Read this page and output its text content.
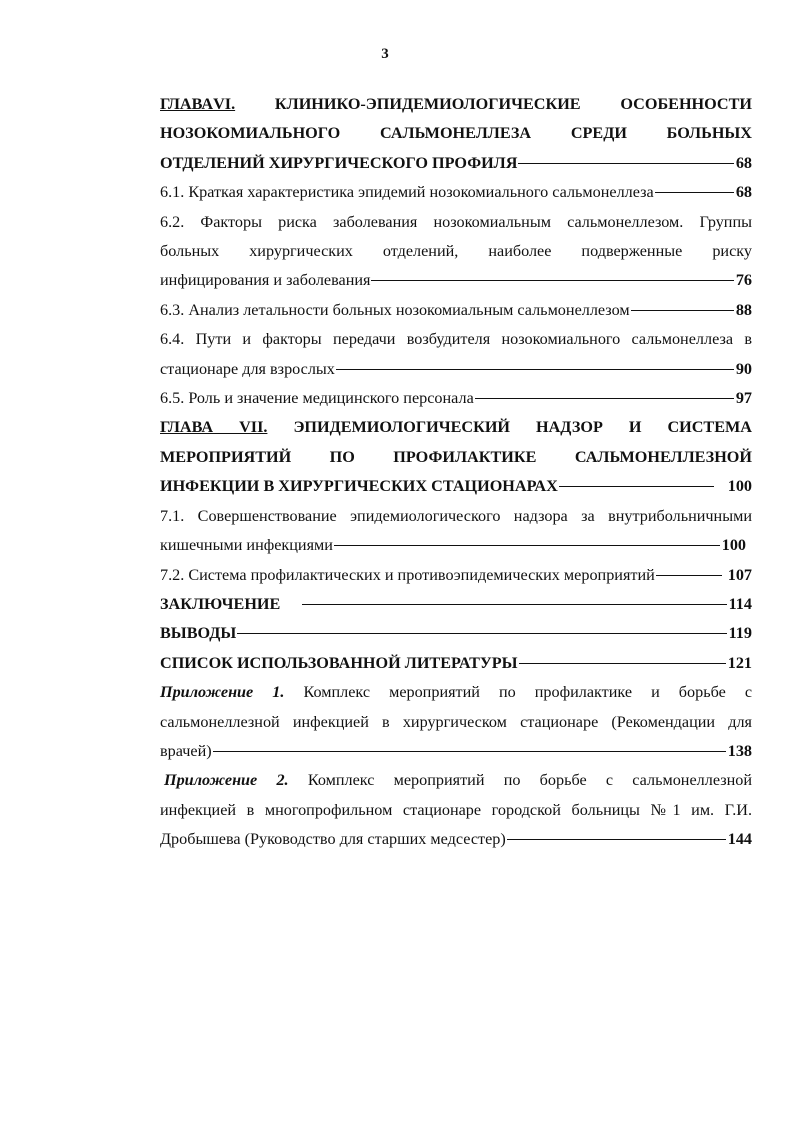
3
ГЛАВАVI. КЛИНИКО-ЭПИДЕМИОЛОГИЧЕСКИЕ ОСОБЕННОСТИ
НОЗОКОМИАЛЬНОГО САЛЬМОНЕЛЛЕЗА СРЕДИ БОЛЬНЫХ
ОТДЕЛЕНИЙ ХИРУРГИЧЕСКОГО ПРОФИЛЯ	68
6.1. Краткая характеристика эпидемий нозокомиального сальмонеллеза	68
6.2. Факторы риска заболевания нозокомиальным сальмонеллезом. Группы
больных хирургических отделений, наиболее подверженные риску
инфицирования и заболевания	76
6.3. Анализ летальности больных нозокомиальным сальмонеллезом	88
6.4. Пути и факторы передачи возбудителя нозокомиального сальмонеллеза в
стационаре для взрослых	90
6.5. Роль и значение медицинского персонала	97
ГЛАВА VII. ЭПИДЕМИОЛОГИЧЕСКИЙ НАДЗОР И СИСТЕМА
МЕРОПРИЯТИЙ ПО ПРОФИЛАКТИКЕ САЛЬМОНЕЛЛЕЗНОЙ
ИНФЕКЦИИ В ХИРУРГИЧЕСКИХ СТАЦИОНАРАХ	100
7.1. Совершенствование эпидемиологического надзора за внутрибольничными
кишечными инфекциями	100
7.2. Система профилактических и противоэпидемических мероприятий	107
ЗАКЛЮЧЕНИЕ	114
ВЫВОДЫ	119
СПИСОК ИСПОЛЬЗОВАННОЙ ЛИТЕРАТУРЫ	121
Приложение 1. Комплекс мероприятий по профилактике и борьбе с
сальмонеллезной инфекцией в хирургическом стационаре (Рекомендации для
врачей)	138
Приложение 2. Комплекс мероприятий по борьбе с сальмонеллезной
инфекцией в многопрофильном стационаре городской больницы №1 им. Г.И.
Дробышева (Руководство для старших медсестер)	144
